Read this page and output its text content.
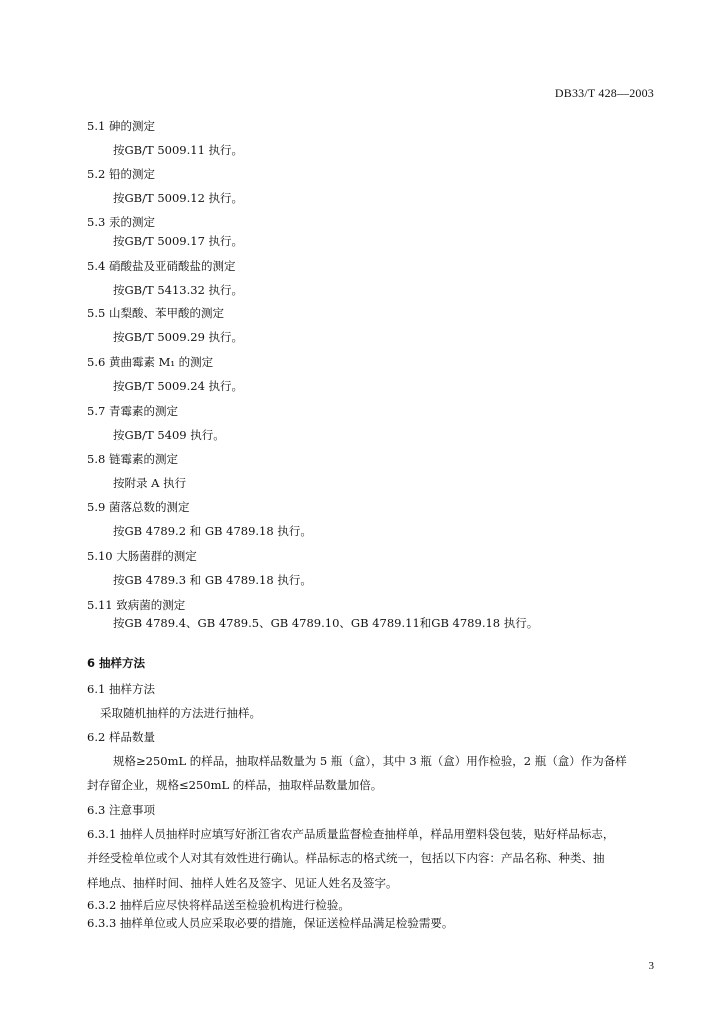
DB33/T 428—2003
5.1 砷的测定
按GB/T 5009.11 执行。
5.2 铅的测定
按GB/T 5009.12 执行。
5.3 汞的测定
按GB/T 5009.17 执行。
5.4 硝酸盐及亚硝酸盐的测定
按GB/T 5413.32 执行。
5.5 山梨酸、苯甲酸的测定
按GB/T 5009.29 执行。
5.6 黄曲霉素 M₁ 的测定
按GB/T 5009.24 执行。
5.7 青霉素的测定
按GB/T 5409 执行。
5.8 链霉素的测定
按附录 A 执行
5.9 菌落总数的测定
按GB 4789.2 和 GB 4789.18 执行。
5.10 大肠菌群的测定
按GB 4789.3 和 GB 4789.18 执行。
5.11 致病菌的测定
按GB 4789.4、GB 4789.5、GB 4789.10、GB 4789.11和GB 4789.18 执行。
6 抽样方法
6.1 抽样方法
采取随机抽样的方法进行抽样。
6.2 样品数量
规格≥250mL 的样品，抽取样品数量为 5 瓶（盒），其中 3 瓶（盒）用作检验，2 瓶（盒）作为备样
封存留企业，规格≤250mL 的样品，抽取样品数量加倍。
6.3 注意事项
6.3.1 抽样人员抽样时应填写好浙江省农产品质量监督检查抽样单，样品用塑料袋包装，贴好样品标志，
并经受检单位或个人对其有效性进行确认。样品标志的格式统一，包括以下内容：产品名称、种类、抽
样地点、抽样时间、抽样人姓名及签字、见证人姓名及签字。
6.3.2 抽样后应尽快将样品送至检验机构进行检验。
6.3.3 抽样单位或人员应采取必要的措施，保证送检样品满足检验需要。
3
